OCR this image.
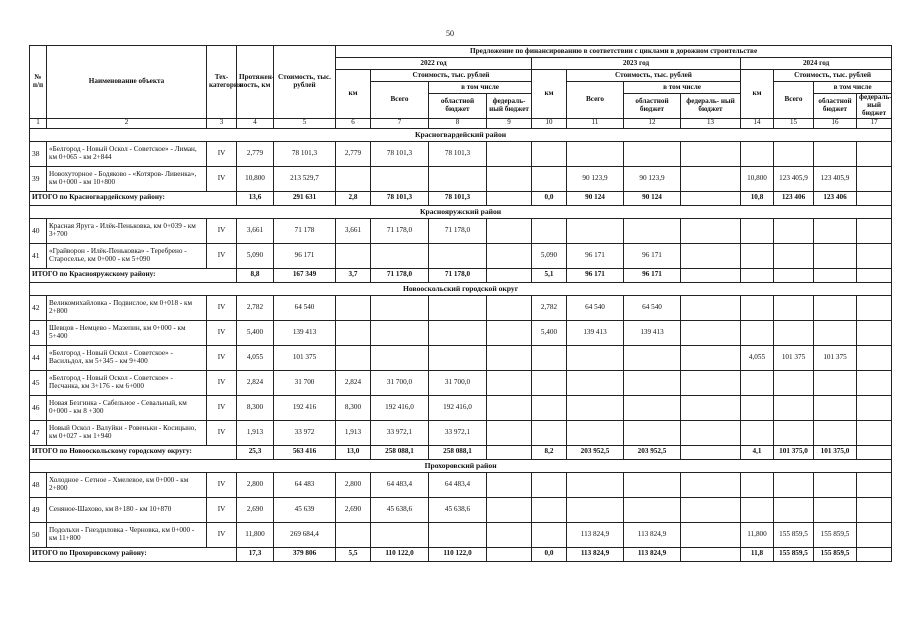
50
№ п/п	Наименование объекта	Тех- категория	Протяжен- ность, км	Стоимость, тыс. рублей	Предложение по финансированию в соответствии с циклами в дорожном строительстве											
					2022 год				2023 год				2024 год			
					км	Стоимость, тыс. рублей			км	Стоимость, тыс. рублей			км	Стоимость, тыс. рублей		
						Всего	в том числе			Всего	в том числе			Всего	в том числе	
							областной бюджет	федераль- ный бюджет			областной бюджет	федераль- ный бюджет			областной бюджет	федераль- ный бюджет
1	2	3	4	5	6	7	8	9	10	11	12	13	14	15	16	17
Красногвардейский район																
38	«Белгород - Новый Оскол - Советское» - Лиман, км 0+065 - км 2+844	IV	2,779	78 101,3	2,779	78 101,3	78 101,3									
39	Новохуторное - Бодяково - «Котяров- Ливенка», км 0+000 - км 10+800	IV	10,800	213 529,7						90 123,9	90 123,9		10,800	123 405,9	123 405,9	
ИТОГО по Красногвардейскому району:			13,6	291 631	2,8	78 101,3	78 101,3		0,0	90 124	90 124		10,8	123 406	123 406	
Краснояружский район																
40	Красная Яруга - Илёк-Пеньковка, км 0+039 - км 3+700	IV	3,661	71 178	3,661	71 178,0	71 178,0									
41	«Грайворон - Илёк-Пеньковка» - Теребрено - Староселье, км 0+000 - км 5+090	IV	5,090	96 171					5,090	96 171	96 171					
ИТОГО по Краснояружскому району:			8,8	167 349	3,7	71 178,0	71 178,0		5,1	96 171	96 171					
Новооскольский городской округ																
42	Великомихайловка - Подвислое, км 0+018 - км 2+800	IV	2,782	64 540					2,782	64 540	64 540					
43	Шевцов - Немцево - Мазепин, км 0+000 - км 5+400	IV	5,400	139 413					5,400	139 413	139 413					
44	«Белгород - Новый Оскол - Советское» - Васильдол, км 5+345 - км 9+400	IV	4,055	101 375									4,055	101 375	101 375	
45	«Белгород - Новый Оскол - Советское» - Песчанка, км 3+176 - км 6+000	IV	2,824	31 700	2,824	31 700,0	31 700,0									
46	Новая Безгинка - Сабельное - Севальный, км 0+000 - км 8 +300	IV	8,300	192 416	8,300	192 416,0	192 416,0									
47	Новый Оскол - Валуйки - Ровеньки - Косицыно, км 0+027 - км 1+940	IV	1,913	33 972	1,913	33 972,1	33 972,1									
ИТОГО по Новооскольскому городскому округу:			25,3	563 416	13,0	258 088,1	258 088,1		8,2	203 952,5	203 952,5		4,1	101 375,0	101 375,0	
Прохоровский район																
48	Холодное - Сетное - Хмелевое, км 0+000 - км 2+800	IV	2,800	64 483	2,800	64 483,4	64 483,4									
49	Сеняное-Шахово, км 8+180 - км 10+870	IV	2,690	45 639	2,690	45 638,6	45 638,6									
50	Подольхи - Гнездиловка - Черновка, км 0+000 - км 11+800	IV	11,800	269 684,4						113 824,9	113 824,9		11,800	155 859,5	155 859,5	
ИТОГО по Прохоровскому району:			17,3	379 806	5,5	110 122,0	110 122,0		0,0	113 824,9	113 824,9		11,8	155 859,5	155 859,5	
